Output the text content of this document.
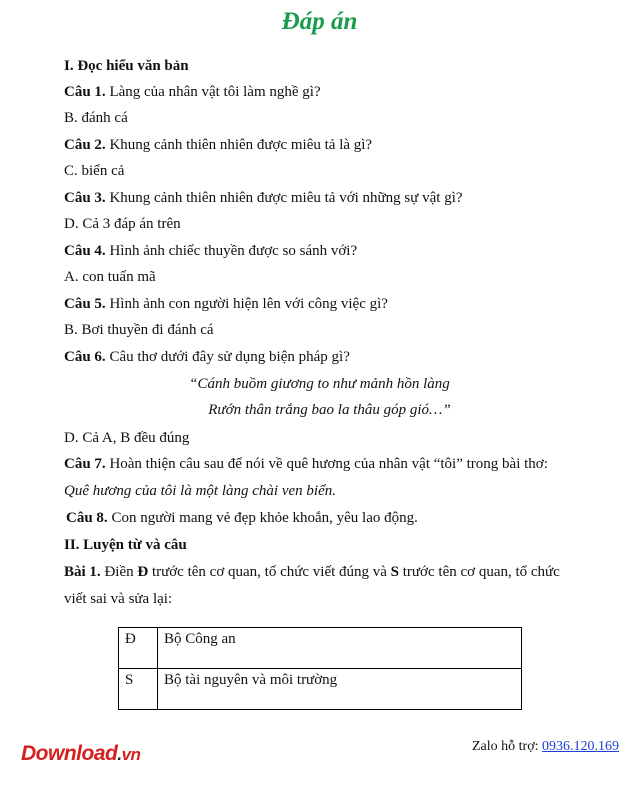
Đáp án
I. Đọc hiểu văn bản
Câu 1. Làng của nhân vật tôi làm nghề gì?
B. đánh cá
Câu 2. Khung cảnh thiên nhiên được miêu tả là gì?
C. biển cả
Câu 3. Khung cảnh thiên nhiên được miêu tả với những sự vật gì?
D. Cả 3 đáp án trên
Câu 4. Hình ảnh chiếc thuyền được so sánh với?
A. con tuấn mã
Câu 5. Hình ảnh con người hiện lên với công việc gì?
B. Bơi thuyền đi đánh cá
Câu 6. Câu thơ dưới đây sử dụng biện pháp gì?
“Cánh buồm giương to như mảnh hồn làng
Rướn thân trắng bao la thâu góp gió…”
D. Cả A, B đều đúng
Câu 7. Hoàn thiện câu sau để nói về quê hương của nhân vật “tôi” trong bài thơ:
Quê hương của tôi là một làng chài ven biển.
Câu 8. Con người mang vẻ đẹp khỏe khoắn, yêu lao động.
II. Luyện từ và câu
Bài 1. Điền Đ trước tên cơ quan, tổ chức viết đúng và S trước tên cơ quan, tổ chức
viết sai và sửa lại:
Đ	Bộ Công an
S	Bộ tài nguyên và môi trường
Download.vn	Zalo hỗ trợ: 0936.120.169
